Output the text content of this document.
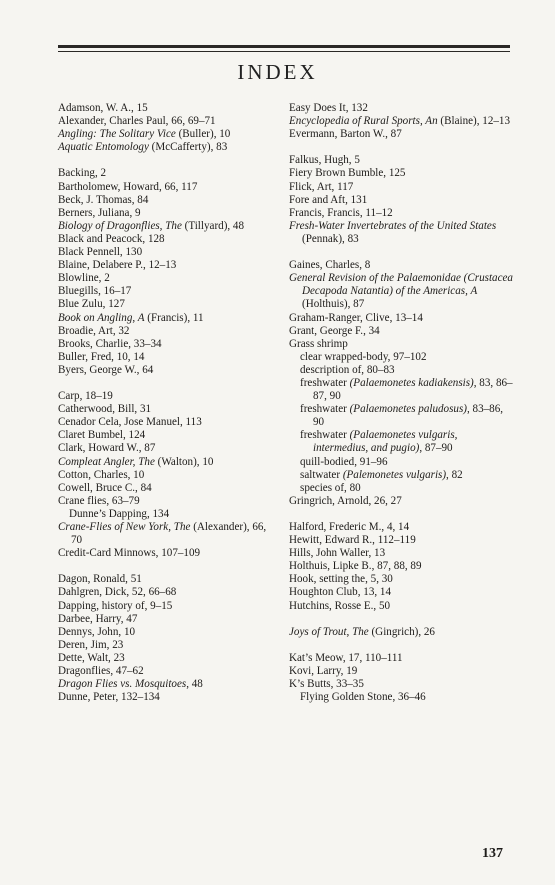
INDEX
Adamson, W. A., 15
Alexander, Charles Paul, 66, 69–71
Angling: The Solitary Vice (Buller), 10
Aquatic Entomology (McCafferty), 83
Backing, 2
Bartholomew, Howard, 66, 117
Beck, J. Thomas, 84
Berners, Juliana, 9
Biology of Dragonflies, The (Tillyard), 48
Black and Peacock, 128
Black Pennell, 130
Blaine, Delabere P., 12–13
Blowline, 2
Bluegills, 16–17
Blue Zulu, 127
Book on Angling, A (Francis), 11
Broadie, Art, 32
Brooks, Charlie, 33–34
Buller, Fred, 10, 14
Byers, George W., 64
Carp, 18–19
Catherwood, Bill, 31
Cenador Cela, Jose Manuel, 113
Claret Bumbel, 124
Clark, Howard W., 87
Compleat Angler, The (Walton), 10
Cotton, Charles, 10
Cowell, Bruce C., 84
Crane flies, 63–79
Dunne’s Dapping, 134
Crane-Flies of New York, The (Alexander), 66, 70
Credit-Card Minnows, 107–109
Dagon, Ronald, 51
Dahlgren, Dick, 52, 66–68
Dapping, history of, 9–15
Darbee, Harry, 47
Dennys, John, 10
Deren, Jim, 23
Dette, Walt, 23
Dragonflies, 47–62
Dragon Flies vs. Mosquitoes, 48
Dunne, Peter, 132–134
Easy Does It, 132
Encyclopedia of Rural Sports, An (Blaine), 12–13
Evermann, Barton W., 87
Falkus, Hugh, 5
Fiery Brown Bumble, 125
Flick, Art, 117
Fore and Aft, 131
Francis, Francis, 11–12
Fresh-Water Invertebrates of the United States (Pennak), 83
Gaines, Charles, 8
General Revision of the Palaemonidae (Crustacea Decapoda Natantia) of the Americas, A (Holthuis), 87
Graham-Ranger, Clive, 13–14
Grant, George F., 34
Grass shrimp
clear wrapped-body, 97–102
description of, 80–83
freshwater (Palaemonetes kadiakensis), 83, 86–87, 90
freshwater (Palaemonetes paludosus), 83–86, 90
freshwater (Palaemonetes vulgaris, intermedius, and pugio), 87–90
quill-bodied, 91–96
saltwater (Palemonetes vulgaris), 82
species of, 80
Gringrich, Arnold, 26, 27
Halford, Frederic M., 4, 14
Hewitt, Edward R., 112–119
Hills, John Waller, 13
Holthuis, Lipke B., 87, 88, 89
Hook, setting the, 5, 30
Houghton Club, 13, 14
Hutchins, Rosse E., 50
Joys of Trout, The (Gingrich), 26
Kat’s Meow, 17, 110–111
Kovi, Larry, 19
K’s Butts, 33–35
Flying Golden Stone, 36–46
137
